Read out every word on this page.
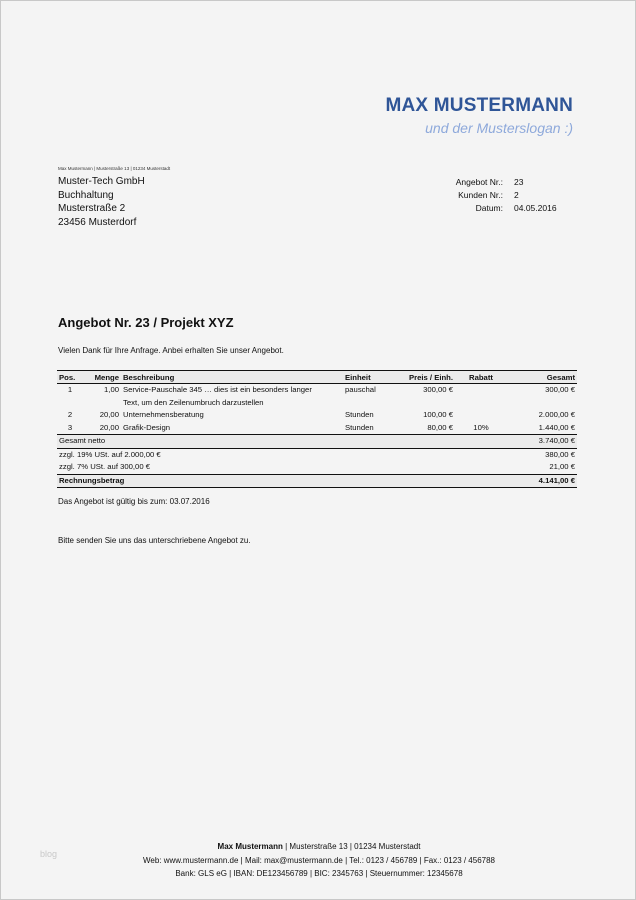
MAX MUSTERMANN
und der Musterslogan :)
Max Mustermann | Musterstraße 13 | 01234 Musterstadt
Muster-Tech GmbH
Buchhaltung
Musterstraße 2
23456 Musterdorf
Angebot Nr.:	23
Kunden Nr.:	2
Datum:	04.05.2016
Angebot Nr. 23 / Projekt XYZ
Vielen Dank für Ihre Anfrage. Anbei erhalten Sie unser Angebot.
Pos.	Menge	Beschreibung	Einheit	Preis / Einh.	Rabatt	Gesamt
1	1,00	Service-Pauschale 345 … dies ist ein besonders langer	pauschal	300,00 €		300,00 €
		Text, um den Zeilenumbruch darzustellen				
2	20,00	Unternehmensberatung	Stunden	100,00 €		2.000,00 €
3	20,00	Grafik-Design	Stunden	80,00 €	10%	1.440,00 €
Gesamt netto						3.740,00 €
zzgl. 19% USt. auf 2.000,00 €						380,00 €
zzgl. 7% USt. auf 300,00 €						21,00 €
Rechnungsbetrag						4.141,00 €
Das Angebot ist gültig bis zum: 03.07.2016
Bitte senden Sie uns das unterschriebene Angebot zu.
blog
Max Mustermann | Musterstraße 13 | 01234 Musterstadt
Web: www.mustermann.de | Mail: max@mustermann.de | Tel.: 0123 / 456789 | Fax.: 0123 / 456788
Bank: GLS eG | IBAN: DE123456789 | BIC: 2345763 | Steuernummer: 12345678
